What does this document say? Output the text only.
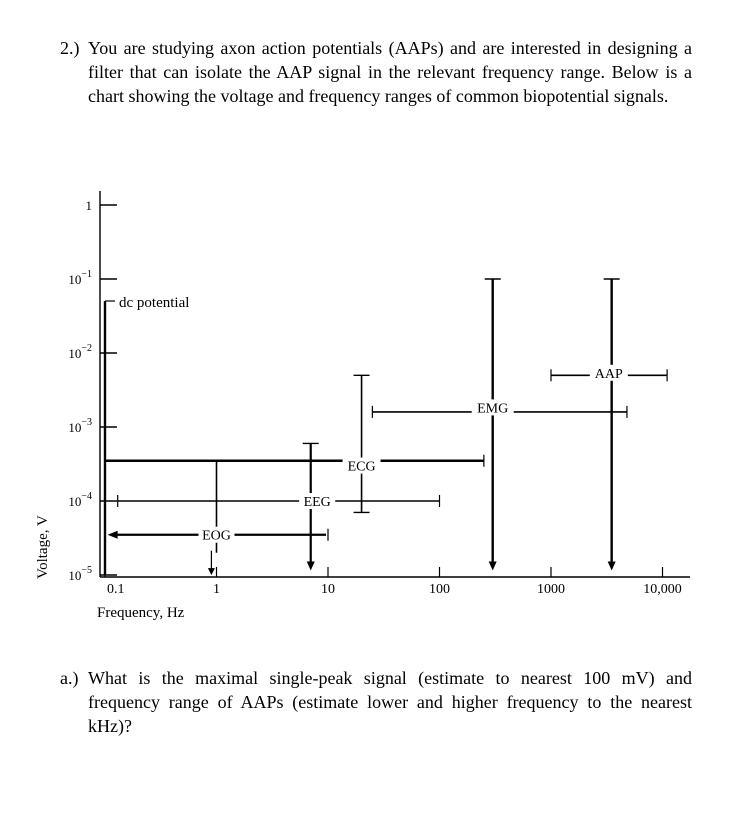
2.) You are studying axon action potentials (AAPs) and are interested in designing a filter that can isolate the AAP signal in the relevant frequency range. Below is a chart showing the voltage and frequency ranges of common biopotential signals.
1
$10^{-1}$
$10^{-2}$
$10^{-3}$
$10^{-4}$
$10^{-5}$
0.1	1	10	100	1000	10,000
Frequency, Hz
Voltage, V
dc potential
EOG
EEG
ECG
EMG
AAP
a.) What is the maximal single-peak signal (estimate to nearest 100 mV) and frequency range of AAPs (estimate lower and higher frequency to the nearest kHz)?
